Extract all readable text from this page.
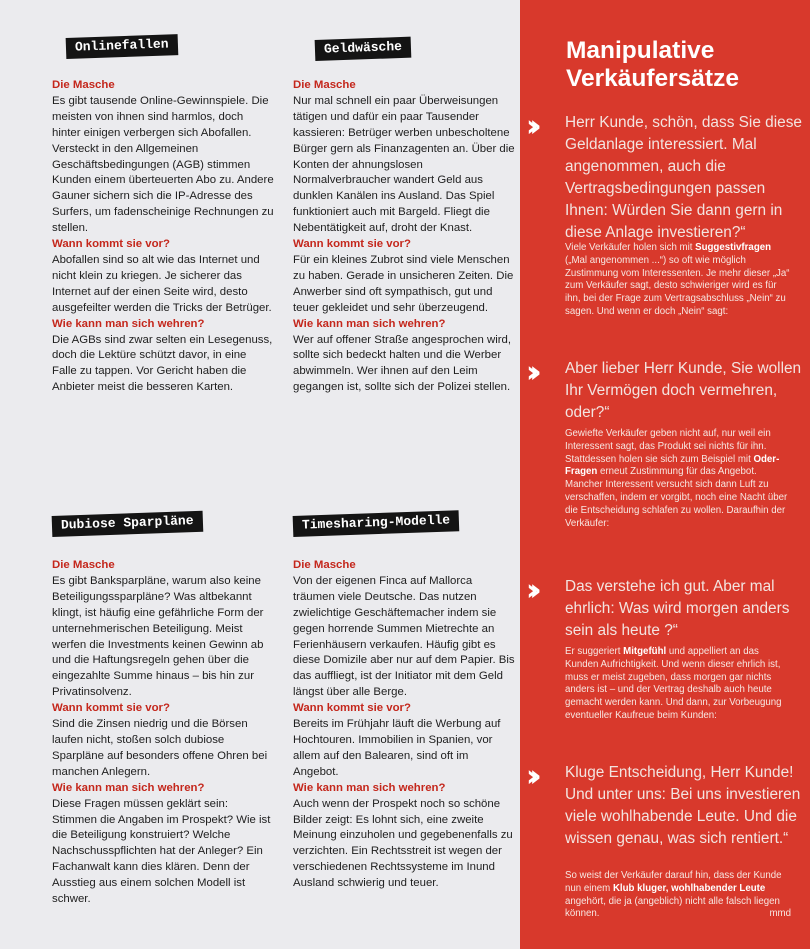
Onlinefallen
Die Masche

Es gibt tausende Online-Gewinnspiele. Die meisten von ihnen sind harmlos, doch hinter einigen verbergen sich Abofallen. Versteckt in den Allgemeinen Geschäftsbedingungen (AGB) stimmen Kunden einem überteuerten Abo zu. Andere Gauner sichern sich die IP-Adresse des Surfers, um fadenscheinige Rechnungen zu stellen.

Wann kommt sie vor?

Abofallen sind so alt wie das Internet und nicht klein zu kriegen. Je sicherer das Internet auf der einen Seite wird, desto ausgefeilter werden die Tricks der Betrüger.

Wie kann man sich wehren?

Die AGBs sind zwar selten ein Lesegenuss, doch die Lektüre schützt davor, in eine Falle zu tappen. Vor Gericht haben die Anbieter meist die besseren Karten.

Geldwäsche
Die Masche

Nur mal schnell ein paar Überweisungen tätigen und dafür ein paar Tausender kassieren: Betrüger werben unbescholtene Bürger gern als Finanzagenten an. Über die Konten der ahnungslosen Normalverbraucher wandert Geld aus dunklen Kanälen ins Ausland. Das Spiel funktioniert auch mit Bargeld. Fliegt die Nebentätigkeit auf, droht der Knast.

Wann kommt sie vor?

Für ein kleines Zubrot sind viele Menschen zu haben. Gerade in unsicheren Zeiten. Die Anwerber sind oft sympathisch, gut und teuer gekleidet und sehr überzeugend.

Wie kann man sich wehren?

Wer auf offener Straße angesprochen wird, sollte sich bedeckt halten und die Werber abwimmeln. Wer ihnen auf den Leim gegangen ist, sollte sich der Polizei stellen.

Dubiose Sparpläne
Die Masche

Es gibt Banksparpläne, warum also keine Beteiligungssparpläne? Was altbekannt klingt, ist häufig eine gefährliche Form der unternehmerischen Beteiligung. Meist werfen die Investments keinen Gewinn ab und die Haftungsregeln gehen über die eingezahlte Summe hinaus – bis hin zur Privatinsolvenz.

Wann kommt sie vor?

Sind die Zinsen niedrig und die Börsen laufen nicht, stoßen solch dubiose Sparpläne auf besonders offene Ohren bei manchen Anlegern.

Wie kann man sich wehren?

Diese Fragen müssen geklärt sein: Stimmen die Angaben im Prospekt? Wie ist die Beteiligung konstruiert? Welche Nachschusspflichten hat der Anleger? Ein Fachanwalt kann dies klären. Denn der Ausstieg aus einem solchen Modell ist schwer.

Timesharing-Modelle
Die Masche

Von der eigenen Finca auf Mallorca träumen viele Deutsche. Das nutzen zwielichtige Geschäftemacher indem sie gegen horrende Summen Mietrechte an Ferienhäusern verkaufen. Häufig gibt es diese Domizile aber nur auf dem Papier. Bis das auffliegt, ist der Initiator mit dem Geld längst über alle Berge.

Wann kommt sie vor?

Bereits im Frühjahr läuft die Werbung auf Hochtouren. Immobilien in Spanien, vor allem auf den Balearen, sind oft im Angebot.

Wie kann man sich wehren?

Auch wenn der Prospekt noch so schöne Bilder zeigt: Es lohnt sich, eine zweite Meinung einzuholen und gegebenenfalls zu verzichten. Ein Rechtsstreit ist wegen der verschiedenen Rechtssysteme im Inund Ausland schwierig und teuer.

Manipulative
Verkäufersätze
›› Herr Kunde, schön, dass Sie diese Geldanlage interessiert. Mal angenommen, auch die Vertragsbedingungen passen Ihnen: Würden Sie dann gern in diese Anlage investieren?“
Viele Verkäufer holen sich mit Suggestivfragen („Mal angenommen ...“) so oft wie möglich Zustimmung vom Interessenten. Je mehr dieser „Ja“ zum Verkäufer sagt, desto schwieriger wird es für ihn, bei der Frage zum Vertragsabschluss „Nein“ zu sagen. Und wenn er doch „Nein“ sagt:
›› Aber lieber Herr Kunde, Sie wollen Ihr Vermögen doch vermehren, oder?“
Gewiefte Verkäufer geben nicht auf, nur weil ein Interessent sagt, das Produkt sei nichts für ihn. Stattdessen holen sie sich zum Beispiel mit Oder-Fragen erneut Zustimmung für das Angebot. Mancher Interessent versucht sich dann Luft zu verschaffen, indem er vorgibt, noch eine Nacht über die Entscheidung schlafen zu wollen. Daraufhin der Verkäufer:
›› Das verstehe ich gut. Aber mal ehrlich: Was wird morgen anders sein als heute ?“
Er suggeriert Mitgefühl und appelliert an das Kunden Aufrichtigkeit. Und wenn dieser ehrlich ist, muss er meist zugeben, dass morgen gar nichts anders ist – und der Vertrag deshalb auch heute gemacht werden kann. Und dann, zur Vorbeugung eventueller Kaufreue beim Kunden:
›› Kluge Entscheidung, Herr Kunde! Und unter uns: Bei uns investieren viele wohlhabende Leute. Und die wissen genau, was sich rentiert.“
So weist der Verkäufer darauf hin, dass der Kunde nun einem Klub kluger, wohlhabender Leute angehört, die ja (angeblich) nicht alle falsch liegen können.	mmd
